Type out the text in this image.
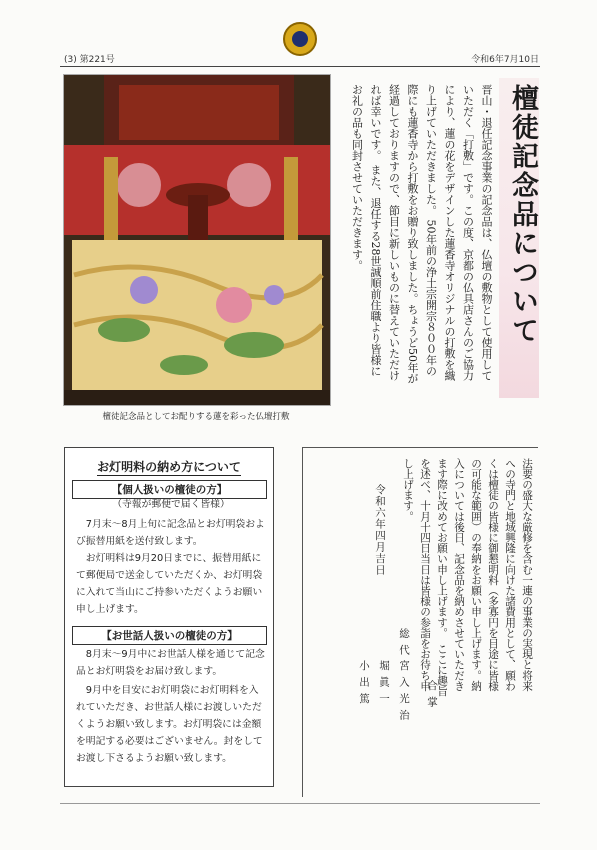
(3) 第221号	令和6年7月10日
檀徒記念品としてお配りする蓮を彩った仏壇打敷
檀徒記念品について
晋山・退任記念事業の記念品は、仏壇の敷物として使用していただく「打敷」です。この度、京都の仏具店さんのご協力により、蓮の花をデザインした蓮香寺オリジナルの打敷を織り上げていただきました。 50年前の浄土宗開宗８００年の際にも蓮香寺から打敷をお贈り致しました。ちょうど50年が経過しておりますので、節目に新しいものに替えていただければ幸いです。 また、退任する28世誠順前住職より皆様にお礼の品も同封させていただきます。
お灯明料の納め方について
【個人扱いの檀徒の方】
（寺報が郵便で届く皆様）
7月末～8月上旬に記念品とお灯明袋および振替用紙を送付致します。
お灯明料は9月20日までに、振替用紙にて郵便局で送金していただくか、お灯明袋に入れて当山にご持参いただくようお願い申し上げます。
【お世話人扱いの檀徒の方】
8月末～9月中にお世話人様を通じて記念品とお灯明袋をお届け致します。
9月中を目安にお灯明袋にお灯明料を入れていただき、お世話人様にお渡しいただくようお願い致します。お灯明袋には金額を明記する必要はございません。封をしてお渡し下さるようお願い致します。
法要の盛大な厳修を含む一連の事業の実現と将来への寺門と地域興隆に向けた諸費用として、願わくは檀徒の皆様に御懇明料（多寡円を目途に皆様の可能な範囲）の奉納をお願い申し上げます。納入については後日、記念品を納めさせていただきます際に改めてお願い申し上げます。　ここに趣旨を述べ、十月十四日当日は皆様の参詣をお待ち申し上げます。
令和六年四月吉日
合掌
宮入光治
堀眞一
小出篤
総代
